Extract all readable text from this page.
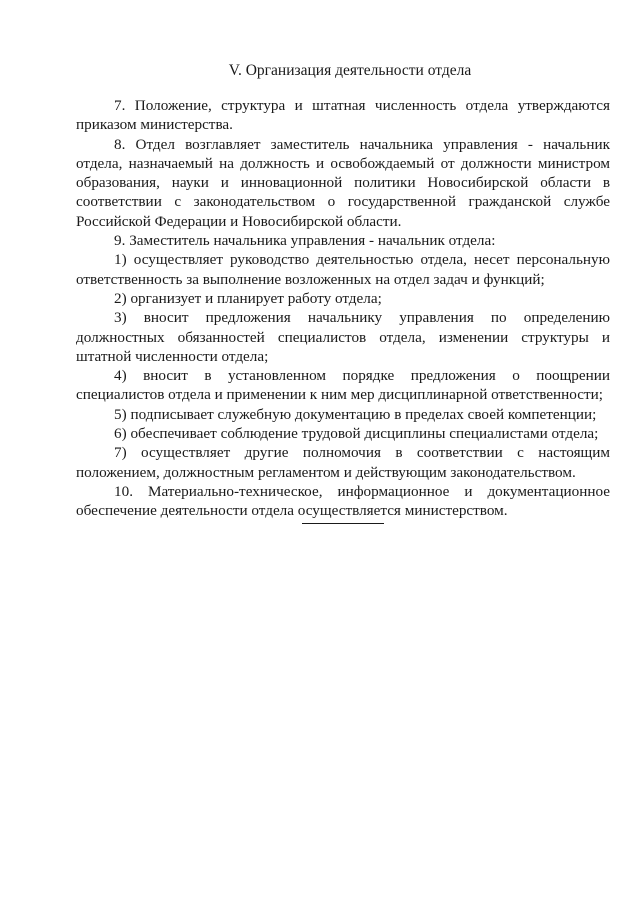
V. Организация деятельности отдела

7. Положение, структура и штатная численность отдела утверждаются приказом министерства.

8. Отдел возглавляет заместитель начальника управления - начальник отдела, назначаемый на должность и освобождаемый от должности министром образования, науки и инновационной политики Новосибирской области в соответствии с законодательством о государственной гражданской службе Российской Федерации и Новосибирской области.

9. Заместитель начальника управления - начальник отдела:

1) осуществляет руководство деятельностью отдела, несет персональную ответственность за выполнение возложенных на отдел задач и функций;

2) организует и планирует работу отдела;

3) вносит предложения начальнику управления по определению должностных обязанностей специалистов отдела, изменении структуры и штатной численности отдела;

4) вносит в установленном порядке предложения о поощрении специалистов отдела и применении к ним мер дисциплинарной ответственности;

5) подписывает служебную документацию в пределах своей компетенции;

6) обеспечивает соблюдение трудовой дисциплины специалистами отдела;

7) осуществляет другие полномочия в соответствии с настоящим положением, должностным регламентом и действующим законодательством.

10. Материально-техническое, информационное и документационное обеспечение деятельности отдела осуществляется министерством.
